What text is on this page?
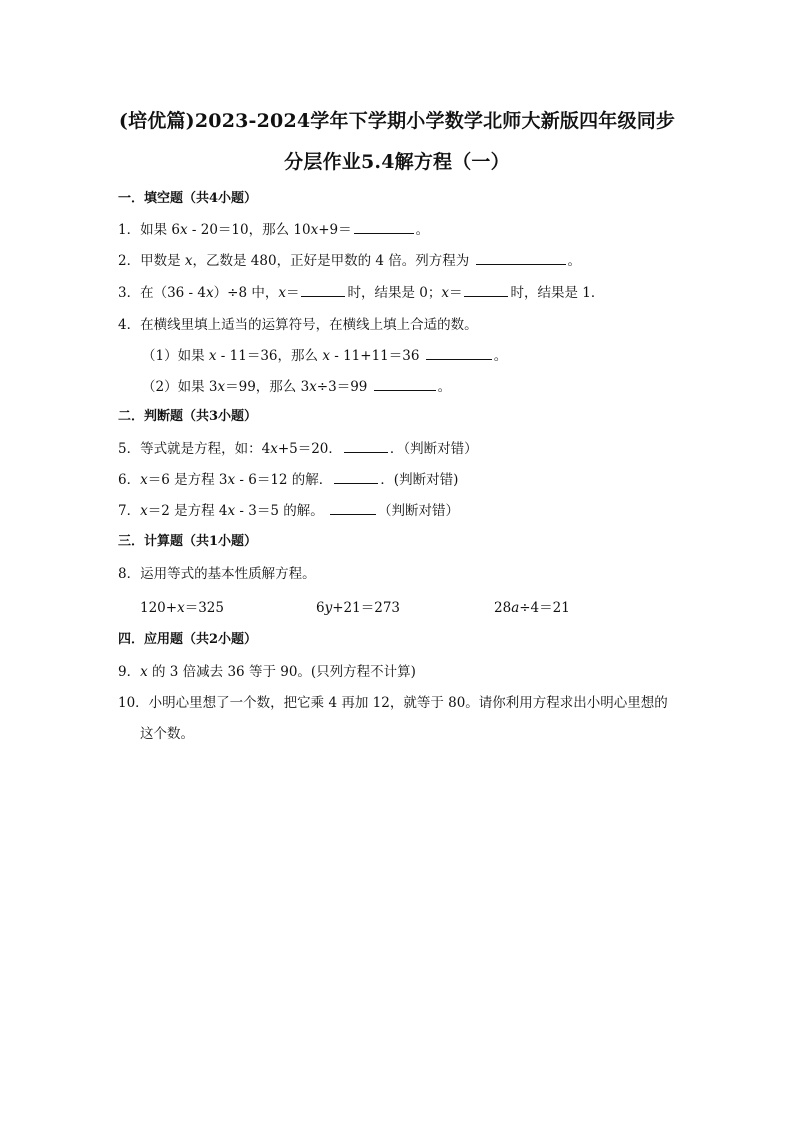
(培优篇)2023-2024学年下学期小学数学北师大新版四年级同步
分层作业5.4解方程（一）
一．填空题（共4小题）
1．如果 6x - 20＝10，那么 10x+9＝	。
2．甲数是 x，乙数是 480，正好是甲数的 4 倍。列方程为	。
3．在（36 - 4x）÷8 中，x＝	时，结果是 0；x＝	时，结果是 1．
4．在横线里填上适当的运算符号，在横线上填上合适的数。
（1）如果 x - 11＝36，那么 x - 11+11＝36	。
（2）如果 3x＝99，那么 3x÷3＝99	。
二．判断题（共3小题）
5．等式就是方程，如：4x+5＝20．	．（判断对错）
6．x＝6 是方程 3x - 6＝12 的解．	．(判断对错)
7．x＝2 是方程 4x - 3＝5 的解。	（判断对错）
三．计算题（共1小题）
8．运用等式的基本性质解方程。
120+x＝325	6y+21＝273	28a÷4＝21
四．应用题（共2小题）
9．x 的 3 倍减去 36 等于 90。(只列方程不计算)
10．小明心里想了一个数，把它乘 4 再加 12，就等于 80。请你利用方程求出小明心里想的
这个数。
